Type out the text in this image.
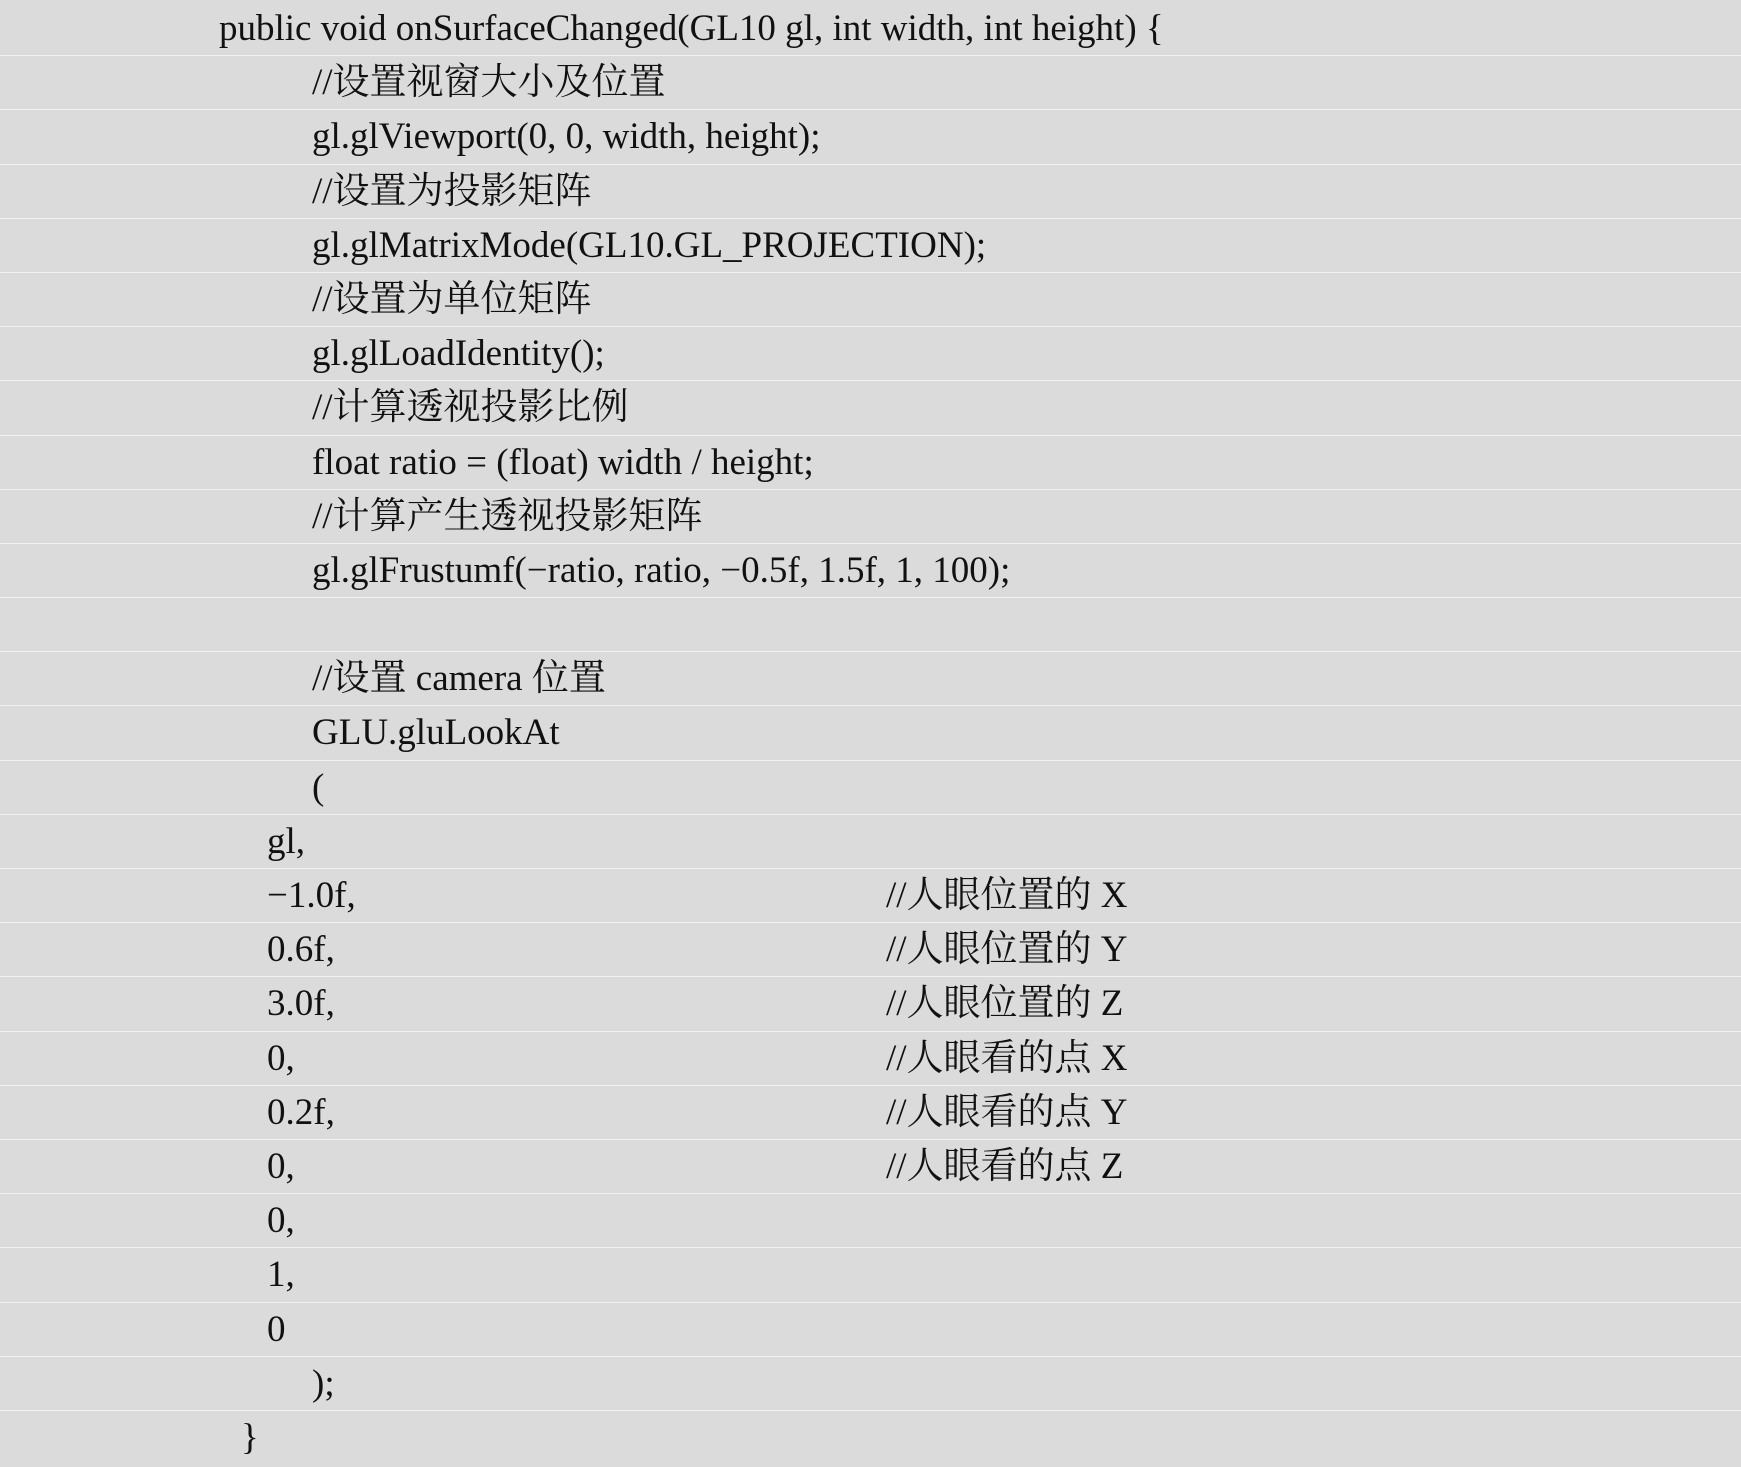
public void onSurfaceChanged(GL10 gl, int width, int height) {
//设置视窗大小及位置
gl.glViewport(0, 0, width, height);
//设置为投影矩阵
gl.glMatrixMode(GL10.GL_PROJECTION);
//设置为单位矩阵
gl.glLoadIdentity();
//计算透视投影比例
float ratio = (float) width / height;
//计算产生透视投影矩阵
gl.glFrustumf(−ratio, ratio, −0.5f, 1.5f, 1, 100);
//设置 camera 位置
GLU.gluLookAt
(
gl,
−1.0f,	//人眼位置的 X
0.6f,	//人眼位置的 Y
3.0f,	//人眼位置的 Z
0,	//人眼看的点 X
0.2f,	//人眼看的点 Y
0,	//人眼看的点 Z
0,
1,
0
);
}
